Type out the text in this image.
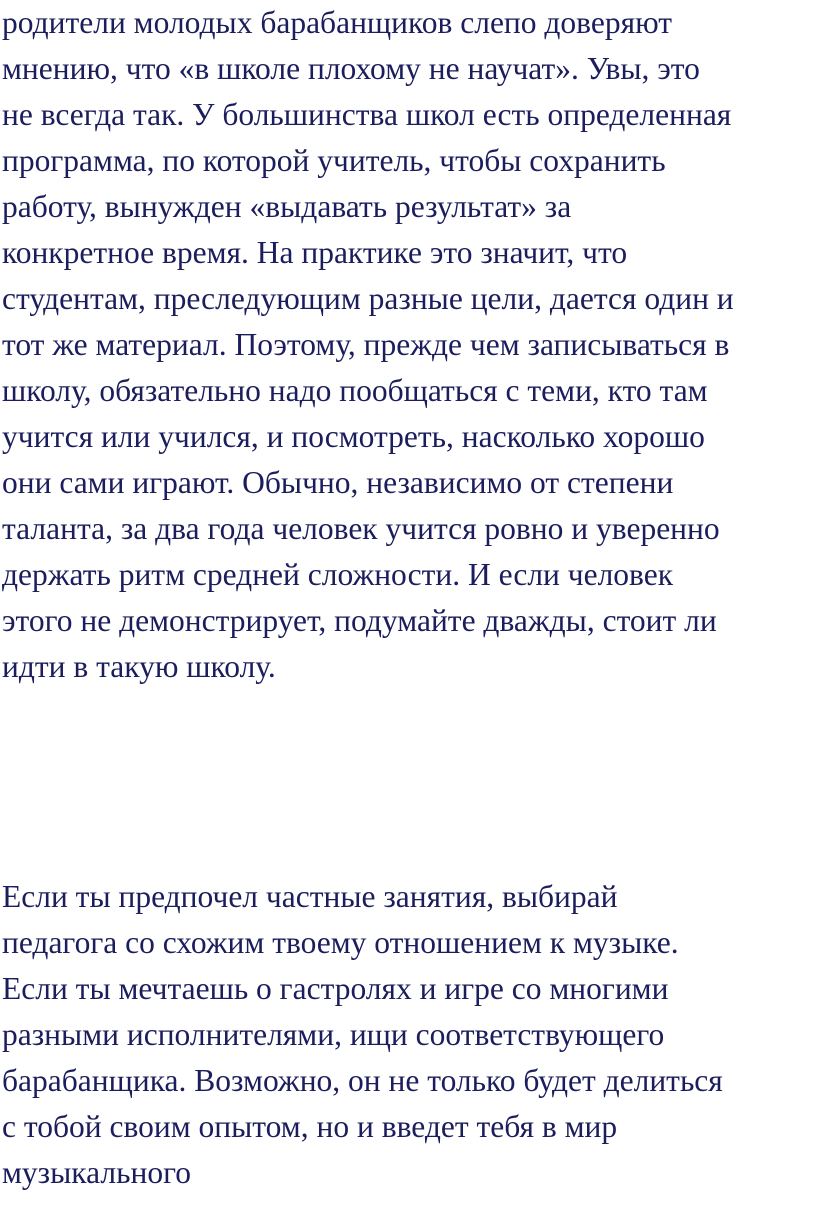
родители молодых барабанщиков слепо доверяют

мнению, что «в школе плохому не научат». Увы, это

не всегда так. У большинства школ есть определенная

программа, по которой учитель, чтобы сохранить

работу, вынужден «выдавать результат» за

конкретное время. На практике это значит, что

студентам, преследующим разные цели, дается один и

тот же материал. Поэтому, прежде чем записываться в

школу, обязательно надо пообщаться с теми, кто там

учится или учился, и посмотреть, насколько хорошо

они сами играют. Обычно, независимо от степени

таланта, за два года человек учится ровно и уверенно

держать ритм средней сложности. И если человек

этого не демонстрирует, подумайте дважды, стоит ли

идти в такую школу.

Если ты предпочел частные занятия, выбирай

педагога со схожим твоему отношением к музыке.

Если ты мечтаешь о гастролях и игре со многими

разными исполнителями, ищи соответствующего

барабанщика. Возможно, он не только будет делиться

с тобой своим опытом, но и введет тебя в мир

музыкального
